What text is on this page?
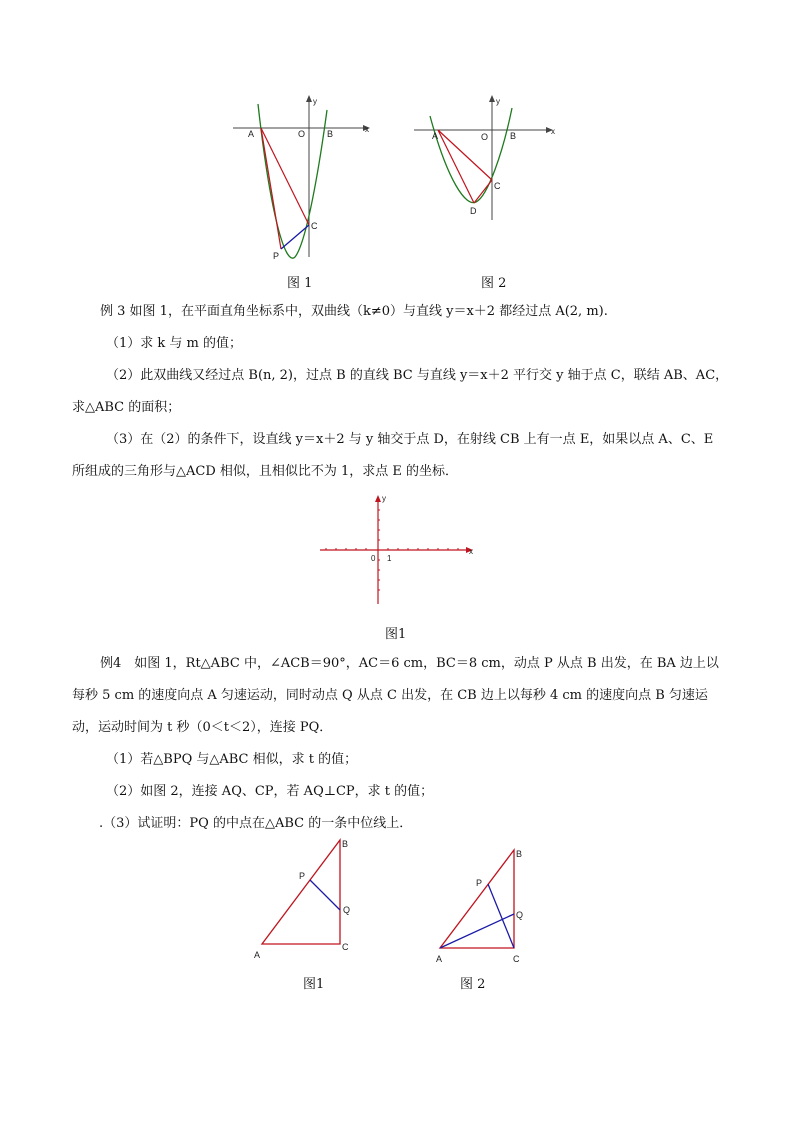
A	O B
C
P
x
y
图 1
A	O B
C
D
x
y
图 2
例 3 如图 1，在平面直角坐标系中，双曲线（k≠0）与直线 y＝x＋2 都经过点 A(2, m).
（1）求 k 与 m 的值；
（2）此双曲线又经过点 B(n, 2)，过点 B 的直线 BC 与直线 y＝x＋2 平行交 y 轴于点 C，联结 AB、AC，
求△ABC 的面积；
（3）在（2）的条件下，设直线 y＝x＋2 与 y 轴交于点 D，在射线 CB 上有一点 E，如果以点 A、C、E
所组成的三角形与△ACD 相似，且相似比不为 1，求点 E 的坐标．
0 1
x
y
图1
例4　如图 1，Rt△ABC 中，∠ACB＝90°，AC＝6 cm，BC＝8 cm，动点 P 从点 B 出发，在 BA 边上以
每秒 5 cm 的速度向点 A 匀速运动，同时动点 Q 从点 C 出发，在 CB 边上以每秒 4 cm 的速度向点 B 匀速运
动，运动时间为 t 秒（0＜t＜2），连接 PQ．
（1）若△BPQ 与△ABC 相似，求 t 的值；
（2）如图 2，连接 AQ、CP，若 AQ⊥CP，求 t 的值；
.（3）试证明：PQ 的中点在△ABC 的一条中位线上．
A
B
C
P
Q
图1
A
B
C
P
Q
图 2
